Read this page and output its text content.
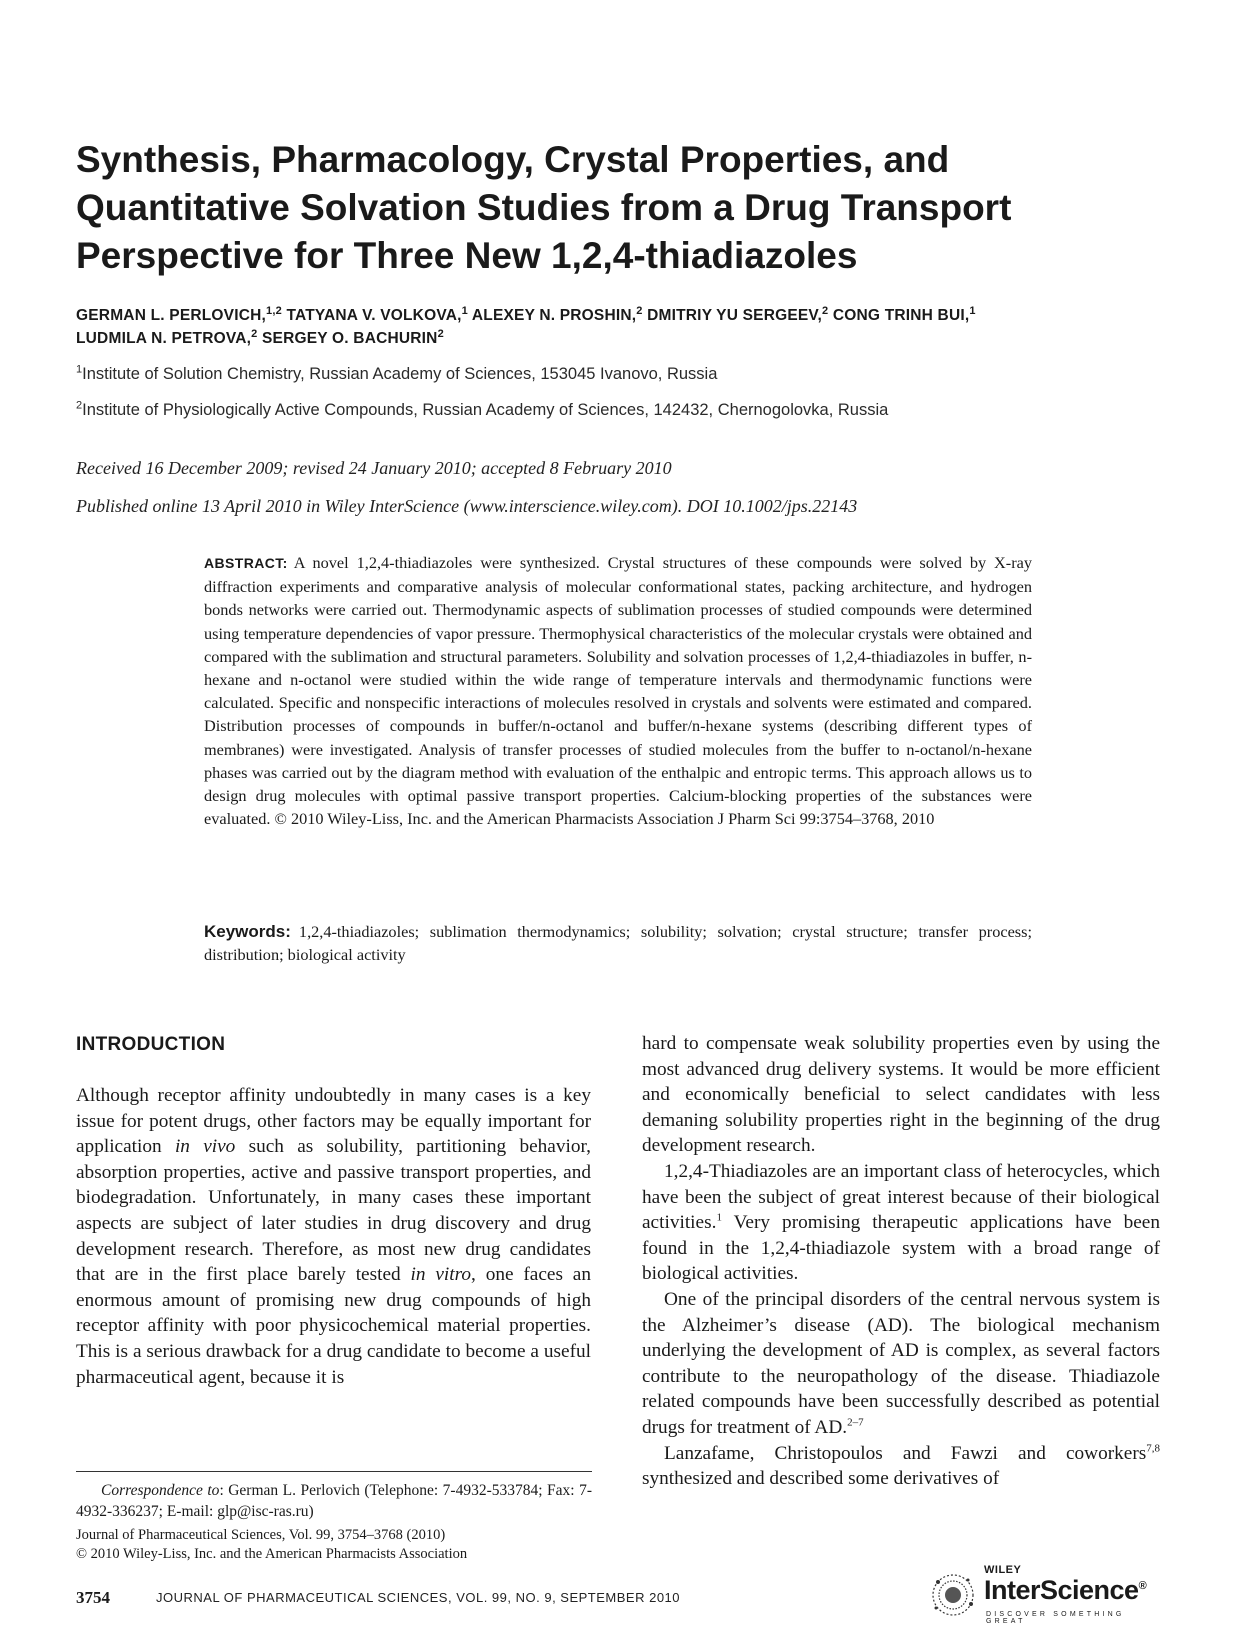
Synthesis, Pharmacology, Crystal Properties, and Quantitative Solvation Studies from a Drug Transport Perspective for Three New 1,2,4-thiadiazoles
GERMAN L. PERLOVICH,$^{1,2}$ TATYANA V. VOLKOVA,$^1$ ALEXEY N. PROSHIN,$^2$ DMITRIY YU SERGEEV,$^2$ CONG TRINH BUI,$^1$
LUDMILA N. PETROVA,$^2$ SERGEY O. BACHURIN$^2$
$^1$Institute of Solution Chemistry, Russian Academy of Sciences, 153045 Ivanovo, Russia
$^2$Institute of Physiologically Active Compounds, Russian Academy of Sciences, 142432, Chernogolovka, Russia
Received 16 December 2009; revised 24 January 2010; accepted 8 February 2010
Published online 13 April 2010 in Wiley InterScience (www.interscience.wiley.com). DOI 10.1002/jps.22143
ABSTRACT: A novel 1,2,4-thiadiazoles were synthesized. Crystal structures of these compounds were solved by X-ray diffraction experiments and comparative analysis of molecular conformational states, packing architecture, and hydrogen bonds networks were carried out. Thermodynamic aspects of sublimation processes of studied compounds were determined using temperature dependencies of vapor pressure. Thermophysical characteristics of the molecular crystals were obtained and compared with the sublimation and structural parameters. Solubility and solvation processes of 1,2,4-thiadiazoles in buffer, n-hexane and n-octanol were studied within the wide range of temperature intervals and thermodynamic functions were calculated. Specific and nonspecific interactions of molecules resolved in crystals and solvents were estimated and compared. Distribution processes of compounds in buffer/n-octanol and buffer/n-hexane systems (describing different types of membranes) were investigated. Analysis of transfer processes of studied molecules from the buffer to n-octanol/n-hexane phases was carried out by the diagram method with evaluation of the enthalpic and entropic terms. This approach allows us to design drug molecules with optimal passive transport properties. Calcium-blocking properties of the substances were evaluated. © 2010 Wiley-Liss, Inc. and the American Pharmacists Association J Pharm Sci 99:3754–3768, 2010
Keywords: 1,2,4-thiadiazoles; sublimation thermodynamics; solubility; solvation; crystal structure; transfer process; distribution; biological activity
INTRODUCTION

Although receptor affinity undoubtedly in many cases is a key issue for potent drugs, other factors may be equally important for application in vivo such as solubility, partitioning behavior, absorption properties, active and passive transport properties, and biodegradation. Unfortunately, in many cases these important aspects are subject of later studies in drug discovery and drug development research. Therefore, as most new drug candidates that are in the first place barely tested in vitro, one faces an enormous amount of promising new drug compounds of high receptor affinity with poor physicochemical material properties. This is a serious drawback for a drug candidate to become a useful pharmaceutical agent, because it is

hard to compensate weak solubility properties even by using the most advanced drug delivery systems. It would be more efficient and economically beneficial to select candidates with less demaning solubility properties right in the beginning of the drug development research.

1,2,4-Thiadiazoles are an important class of heterocycles, which have been the subject of great interest because of their biological activities.$^1$ Very promising therapeutic applications have been found in the 1,2,4-thiadiazole system with a broad range of biological activities.

One of the principal disorders of the central nervous system is the Alzheimer’s disease (AD). The biological mechanism underlying the development of AD is complex, as several factors contribute to the neuropathology of the disease. Thiadiazole related compounds have been successfully described as potential drugs for treatment of AD.$^{2-7}$

Lanzafame, Christopoulos and Fawzi and coworkers$^{7,8}$ synthesized and described some derivatives of

Correspondence to: German L. Perlovich (Telephone: 7-4932-533784; Fax: 7-4932-336237; E-mail: glp@isc-ras.ru)
Journal of Pharmaceutical Sciences, Vol. 99, 3754–3768 (2010)
© 2010 Wiley-Liss, Inc. and the American Pharmacists Association
3754	JOURNAL OF PHARMACEUTICAL SCIENCES, VOL. 99, NO. 9, SEPTEMBER 2010
WILEY
InterScience®
DISCOVER SOMETHING GREAT
